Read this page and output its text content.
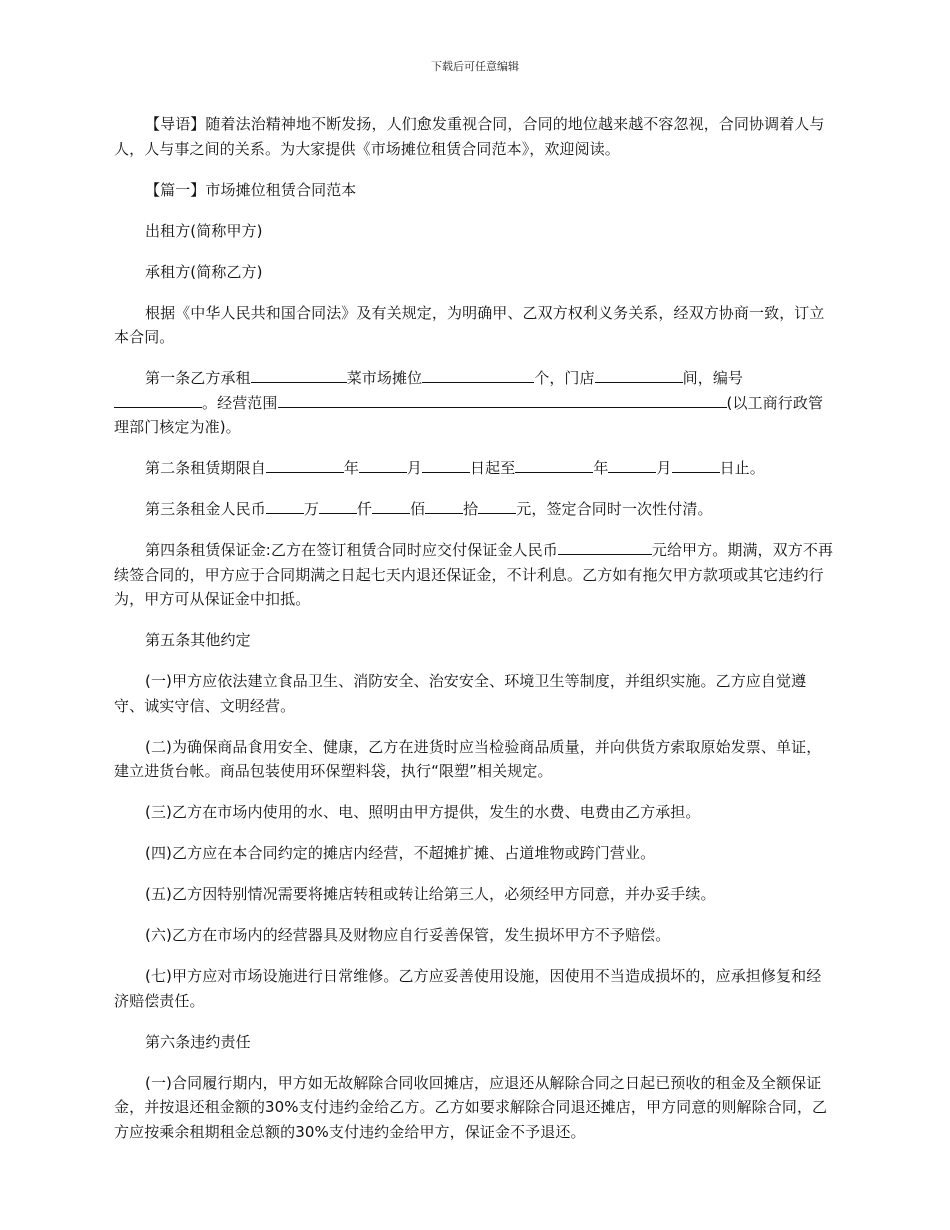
下载后可任意编辑

【导语】随着法治精神地不断发扬，人们愈发重视合同，合同的地位越来越不容忽视，合同协调着人与人，人与事之间的关系。为大家提供《市场摊位租赁合同范本》，欢迎阅读。

【篇一】市场摊位租赁合同范本

出租方(简称甲方)

承租方(简称乙方)

根据《中华人民共和国合同法》及有关规定，为明确甲、乙双方权利义务关系，经双方协商一致，订立本合同。

第一条乙方承租	菜市场摊位	个，门店	间，编号
。经营范围	(以工商行政管理部门核定为准)。

第二条租赁期限自	年	月	日起至	年	月	日止。

第三条租金人民币	万	仟	佰	拾	元，签定合同时一次性付清。

第四条租赁保证金:乙方在签订租赁合同时应交付保证金人民币	元给甲方。期满，双方不再续签合同的，甲方应于合同期满之日起七天内退还保证金，不计利息。乙方如有拖欠甲方款项或其它违约行为，甲方可从保证金中扣抵。

第五条其他约定

(一)甲方应依法建立食品卫生、消防安全、治安安全、环境卫生等制度，并组织实施。乙方应自觉遵守、诚实守信、文明经营。

(二)为确保商品食用安全、健康，乙方在进货时应当检验商品质量，并向供货方索取原始发票、单证，建立进货台帐。商品包装使用环保塑料袋，执行“限塑”相关规定。

(三)乙方在市场内使用的水、电、照明由甲方提供，发生的水费、电费由乙方承担。

(四)乙方应在本合同约定的摊店内经营，不超摊扩摊、占道堆物或跨门营业。

(五)乙方因特别情况需要将摊店转租或转让给第三人，必须经甲方同意，并办妥手续。

(六)乙方在市场内的经营器具及财物应自行妥善保管，发生损坏甲方不予赔偿。

(七)甲方应对市场设施进行日常维修。乙方应妥善使用设施，因使用不当造成损坏的，应承担修复和经济赔偿责任。

第六条违约责任

(一)合同履行期内，甲方如无故解除合同收回摊店，应退还从解除合同之日起已预收的租金及全额保证金，并按退还租金额的30%支付违约金给乙方。乙方如要求解除合同退还摊店，甲方同意的则解除合同，乙方应按乘余租期租金总额的30%支付违约金给甲方，保证金不予退还。
